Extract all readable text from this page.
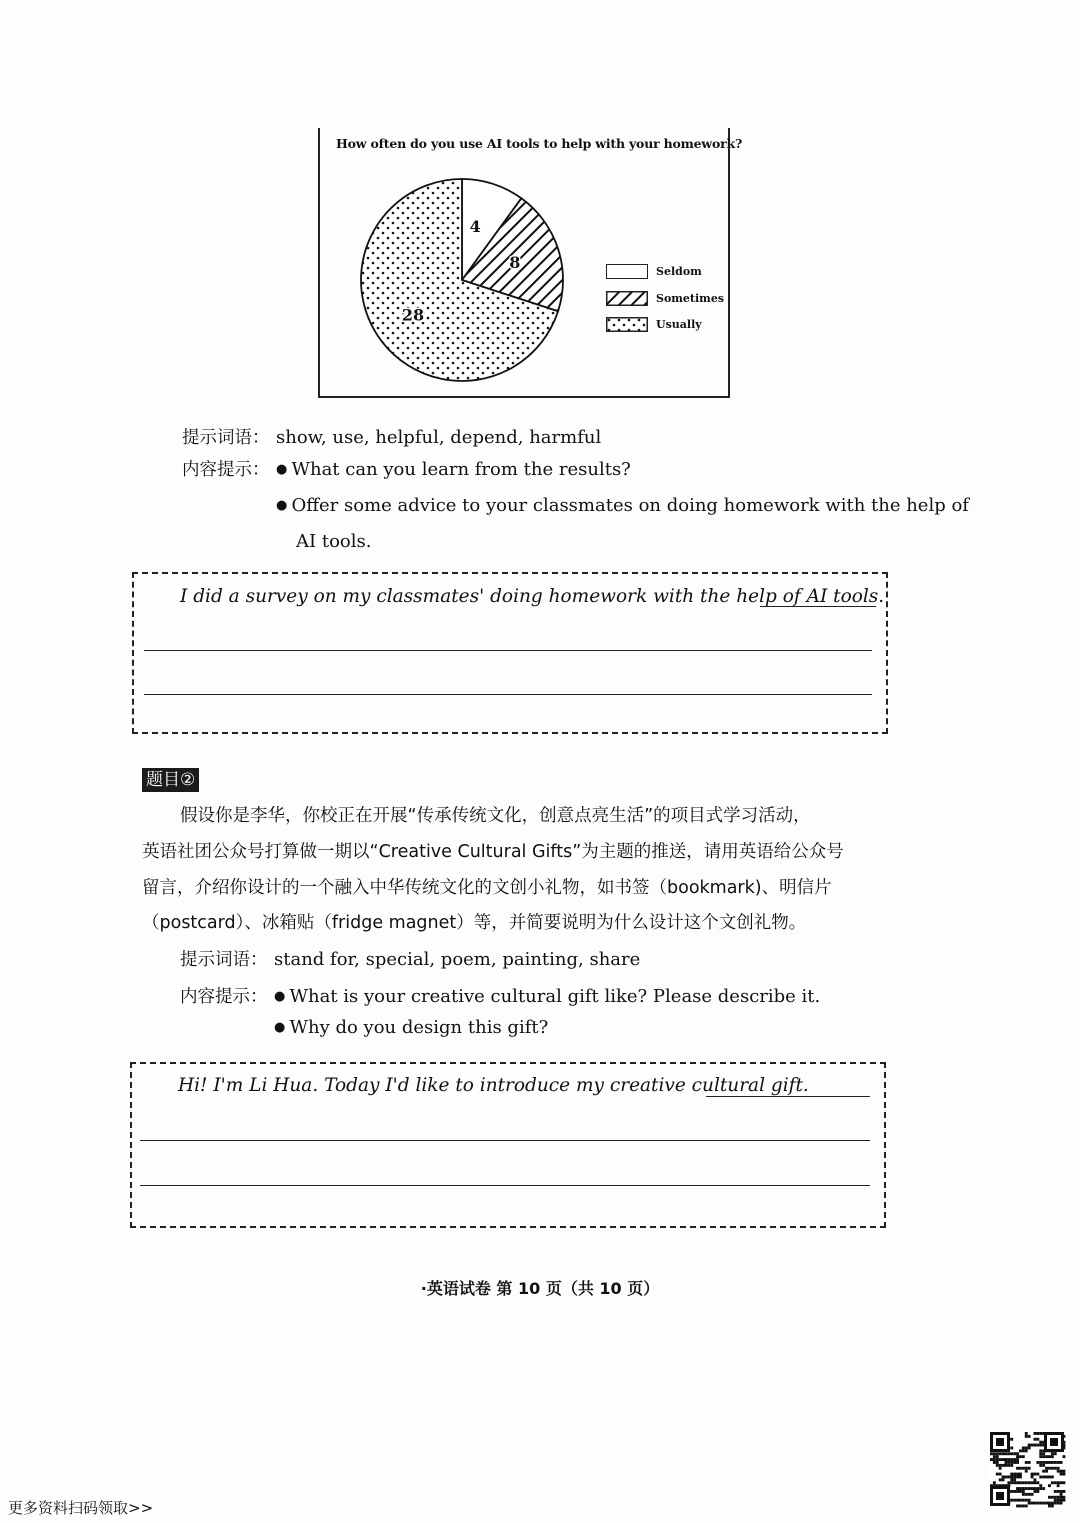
How often do you use AI tools to help with your homework?
4
8
28
Seldom
Sometimes
Usually
提示词语： show, use, helpful, depend, harmful
内容提示：	● What can you learn from the results?
● Offer some advice to your classmates on doing homework with the help of
AI tools.
I did a survey on my classmates' doing homework with the help of AI tools.
题目②
假设你是李华，你校正在开展“传承传统文化，创意点亮生活”的项目式学习活动，
英语社团公众号打算做一期以“Creative Cultural Gifts”为主题的推送，请用英语给公众号
留言，介绍你设计的一个融入中华传统文化的文创小礼物，如书签（bookmark)、明信片
（postcard）、冰箱贴（fridge magnet）等，并简要说明为什么设计这个文创礼物。
提示词语： stand for, special, poem, painting, share
内容提示：	● What is your creative cultural gift like? Please describe it.
● Why do you design this gift?
Hi! I'm Li Hua. Today I'd like to introduce my creative cultural gift.
·英语试卷 第 10 页（共 10 页）
更多资料扫码领取>>
